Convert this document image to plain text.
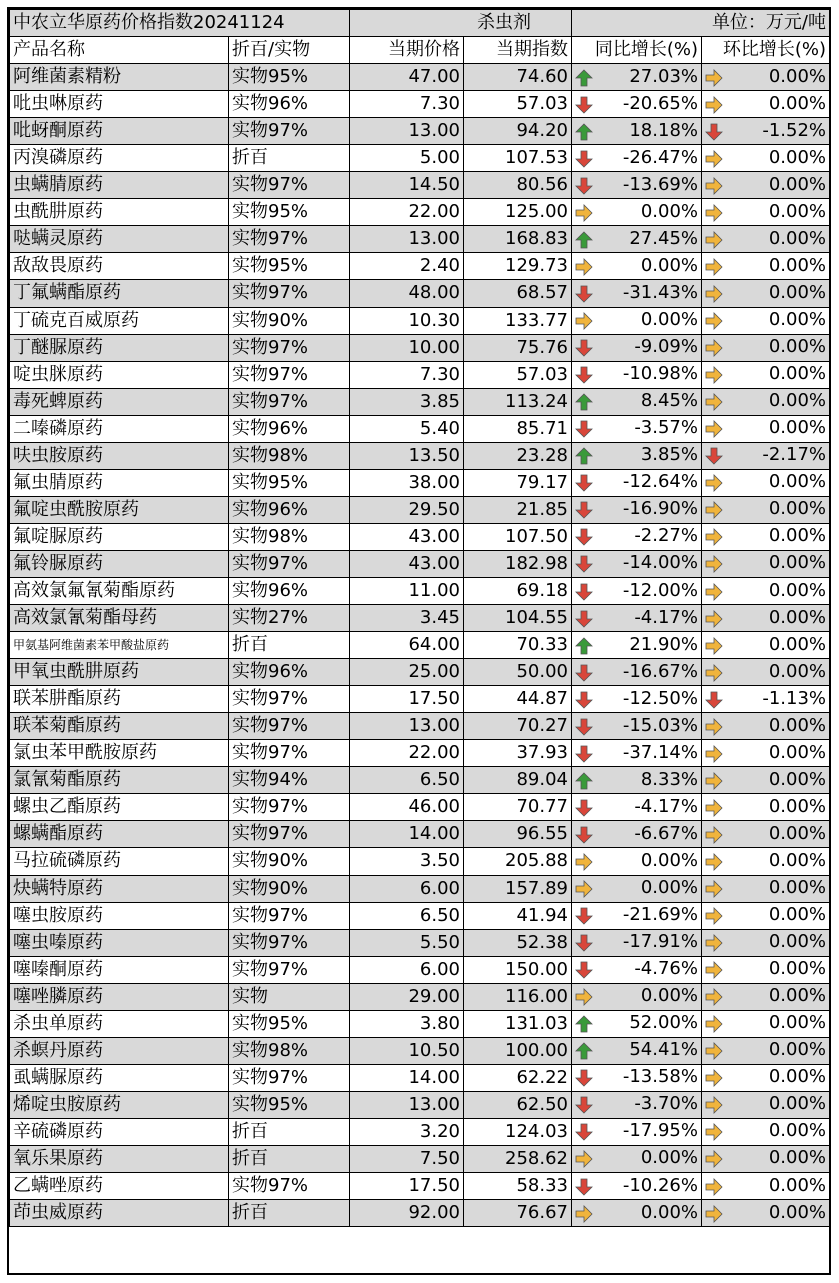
中农立华原药价格指数20241124		杀虫剂		单位：万元/吨	
产品名称	折百/实物	当期价格	当期指数	同比增长(%)	环比增长(%)
阿维菌素精粉	实物95%	47.00	74.60	27.03%	0.00%

吡虫啉原药	实物96%	7.30	57.03	-20.65%	0.00%

吡蚜酮原药	实物97%	13.00	94.20	18.18%	-1.52%

丙溴磷原药	折百	5.00	107.53	-26.47%	0.00%

虫螨腈原药	实物97%	14.50	80.56	-13.69%	0.00%

虫酰肼原药	实物95%	22.00	125.00	0.00%	0.00%

哒螨灵原药	实物97%	13.00	168.83	27.45%	0.00%

敌敌畏原药	实物95%	2.40	129.73	0.00%	0.00%

丁氟螨酯原药	实物97%	48.00	68.57	-31.43%	0.00%

丁硫克百威原药	实物90%	10.30	133.77	0.00%	0.00%

丁醚脲原药	实物97%	10.00	75.76	-9.09%	0.00%

啶虫脒原药	实物97%	7.30	57.03	-10.98%	0.00%

毒死蜱原药	实物97%	3.85	113.24	8.45%	0.00%

二嗪磷原药	实物96%	5.40	85.71	-3.57%	0.00%

呋虫胺原药	实物98%	13.50	23.28	3.85%	-2.17%

氟虫腈原药	实物95%	38.00	79.17	-12.64%	0.00%

氟啶虫酰胺原药	实物96%	29.50	21.85	-16.90%	0.00%

氟啶脲原药	实物98%	43.00	107.50	-2.27%	0.00%

氟铃脲原药	实物97%	43.00	182.98	-14.00%	0.00%

高效氯氟氰菊酯原药	实物96%	11.00	69.18	-12.00%	0.00%

高效氯氰菊酯母药	实物27%	3.45	104.55	-4.17%	0.00%

甲氨基阿维菌素苯甲酸盐原药	折百	64.00	70.33	21.90%	0.00%

甲氧虫酰肼原药	实物96%	25.00	50.00	-16.67%	0.00%

联苯肼酯原药	实物97%	17.50	44.87	-12.50%	-1.13%

联苯菊酯原药	实物97%	13.00	70.27	-15.03%	0.00%

氯虫苯甲酰胺原药	实物97%	22.00	37.93	-37.14%	0.00%

氯氰菊酯原药	实物94%	6.50	89.04	8.33%	0.00%

螺虫乙酯原药	实物97%	46.00	70.77	-4.17%	0.00%

螺螨酯原药	实物97%	14.00	96.55	-6.67%	0.00%

马拉硫磷原药	实物90%	3.50	205.88	0.00%	0.00%

炔螨特原药	实物90%	6.00	157.89	0.00%	0.00%

噻虫胺原药	实物97%	6.50	41.94	-21.69%	0.00%

噻虫嗪原药	实物97%	5.50	52.38	-17.91%	0.00%

噻嗪酮原药	实物97%	6.00	150.00	-4.76%	0.00%

噻唑膦原药	实物	29.00	116.00	0.00%	0.00%

杀虫单原药	实物95%	3.80	131.03	52.00%	0.00%

杀螟丹原药	实物98%	10.50	100.00	54.41%	0.00%

虱螨脲原药	实物97%	14.00	62.22	-13.58%	0.00%

烯啶虫胺原药	实物95%	13.00	62.50	-3.70%	0.00%

辛硫磷原药	折百	3.20	124.03	-17.95%	0.00%

氧乐果原药	折百	7.50	258.62	0.00%	0.00%

乙螨唑原药	实物97%	17.50	58.33	-10.26%	0.00%

茚虫威原药	折百	92.00	76.67	0.00%	0.00%
